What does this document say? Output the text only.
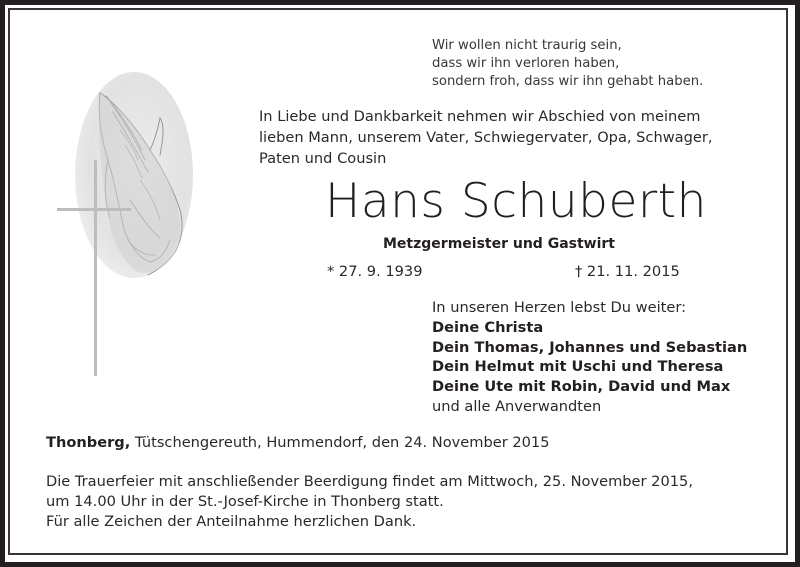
Wir wollen nicht traurig sein,
dass wir ihn verloren haben,
sondern froh, dass wir ihn gehabt haben.
In Liebe und Dankbarkeit nehmen wir Abschied von meinem
lieben Mann, unserem Vater, Schwiegervater, Opa, Schwager,
Paten und Cousin
Hans Schuberth
Metzgermeister und Gastwirt
* 27. 9. 1939	† 21. 11. 2015
In unseren Herzen lebst Du weiter:
Deine Christa
Dein Thomas, Johannes und Sebastian
Dein Helmut mit Uschi und Theresa
Deine Ute mit Robin, David und Max
und alle Anverwandten
Thonberg, Tütschengereuth, Hummendorf, den 24. November 2015
Die Trauerfeier mit anschließender Beerdigung findet am Mittwoch, 25. November 2015,
um 14.00 Uhr in der St.-Josef-Kirche in Thonberg statt.
Für alle Zeichen der Anteilnahme herzlichen Dank.
